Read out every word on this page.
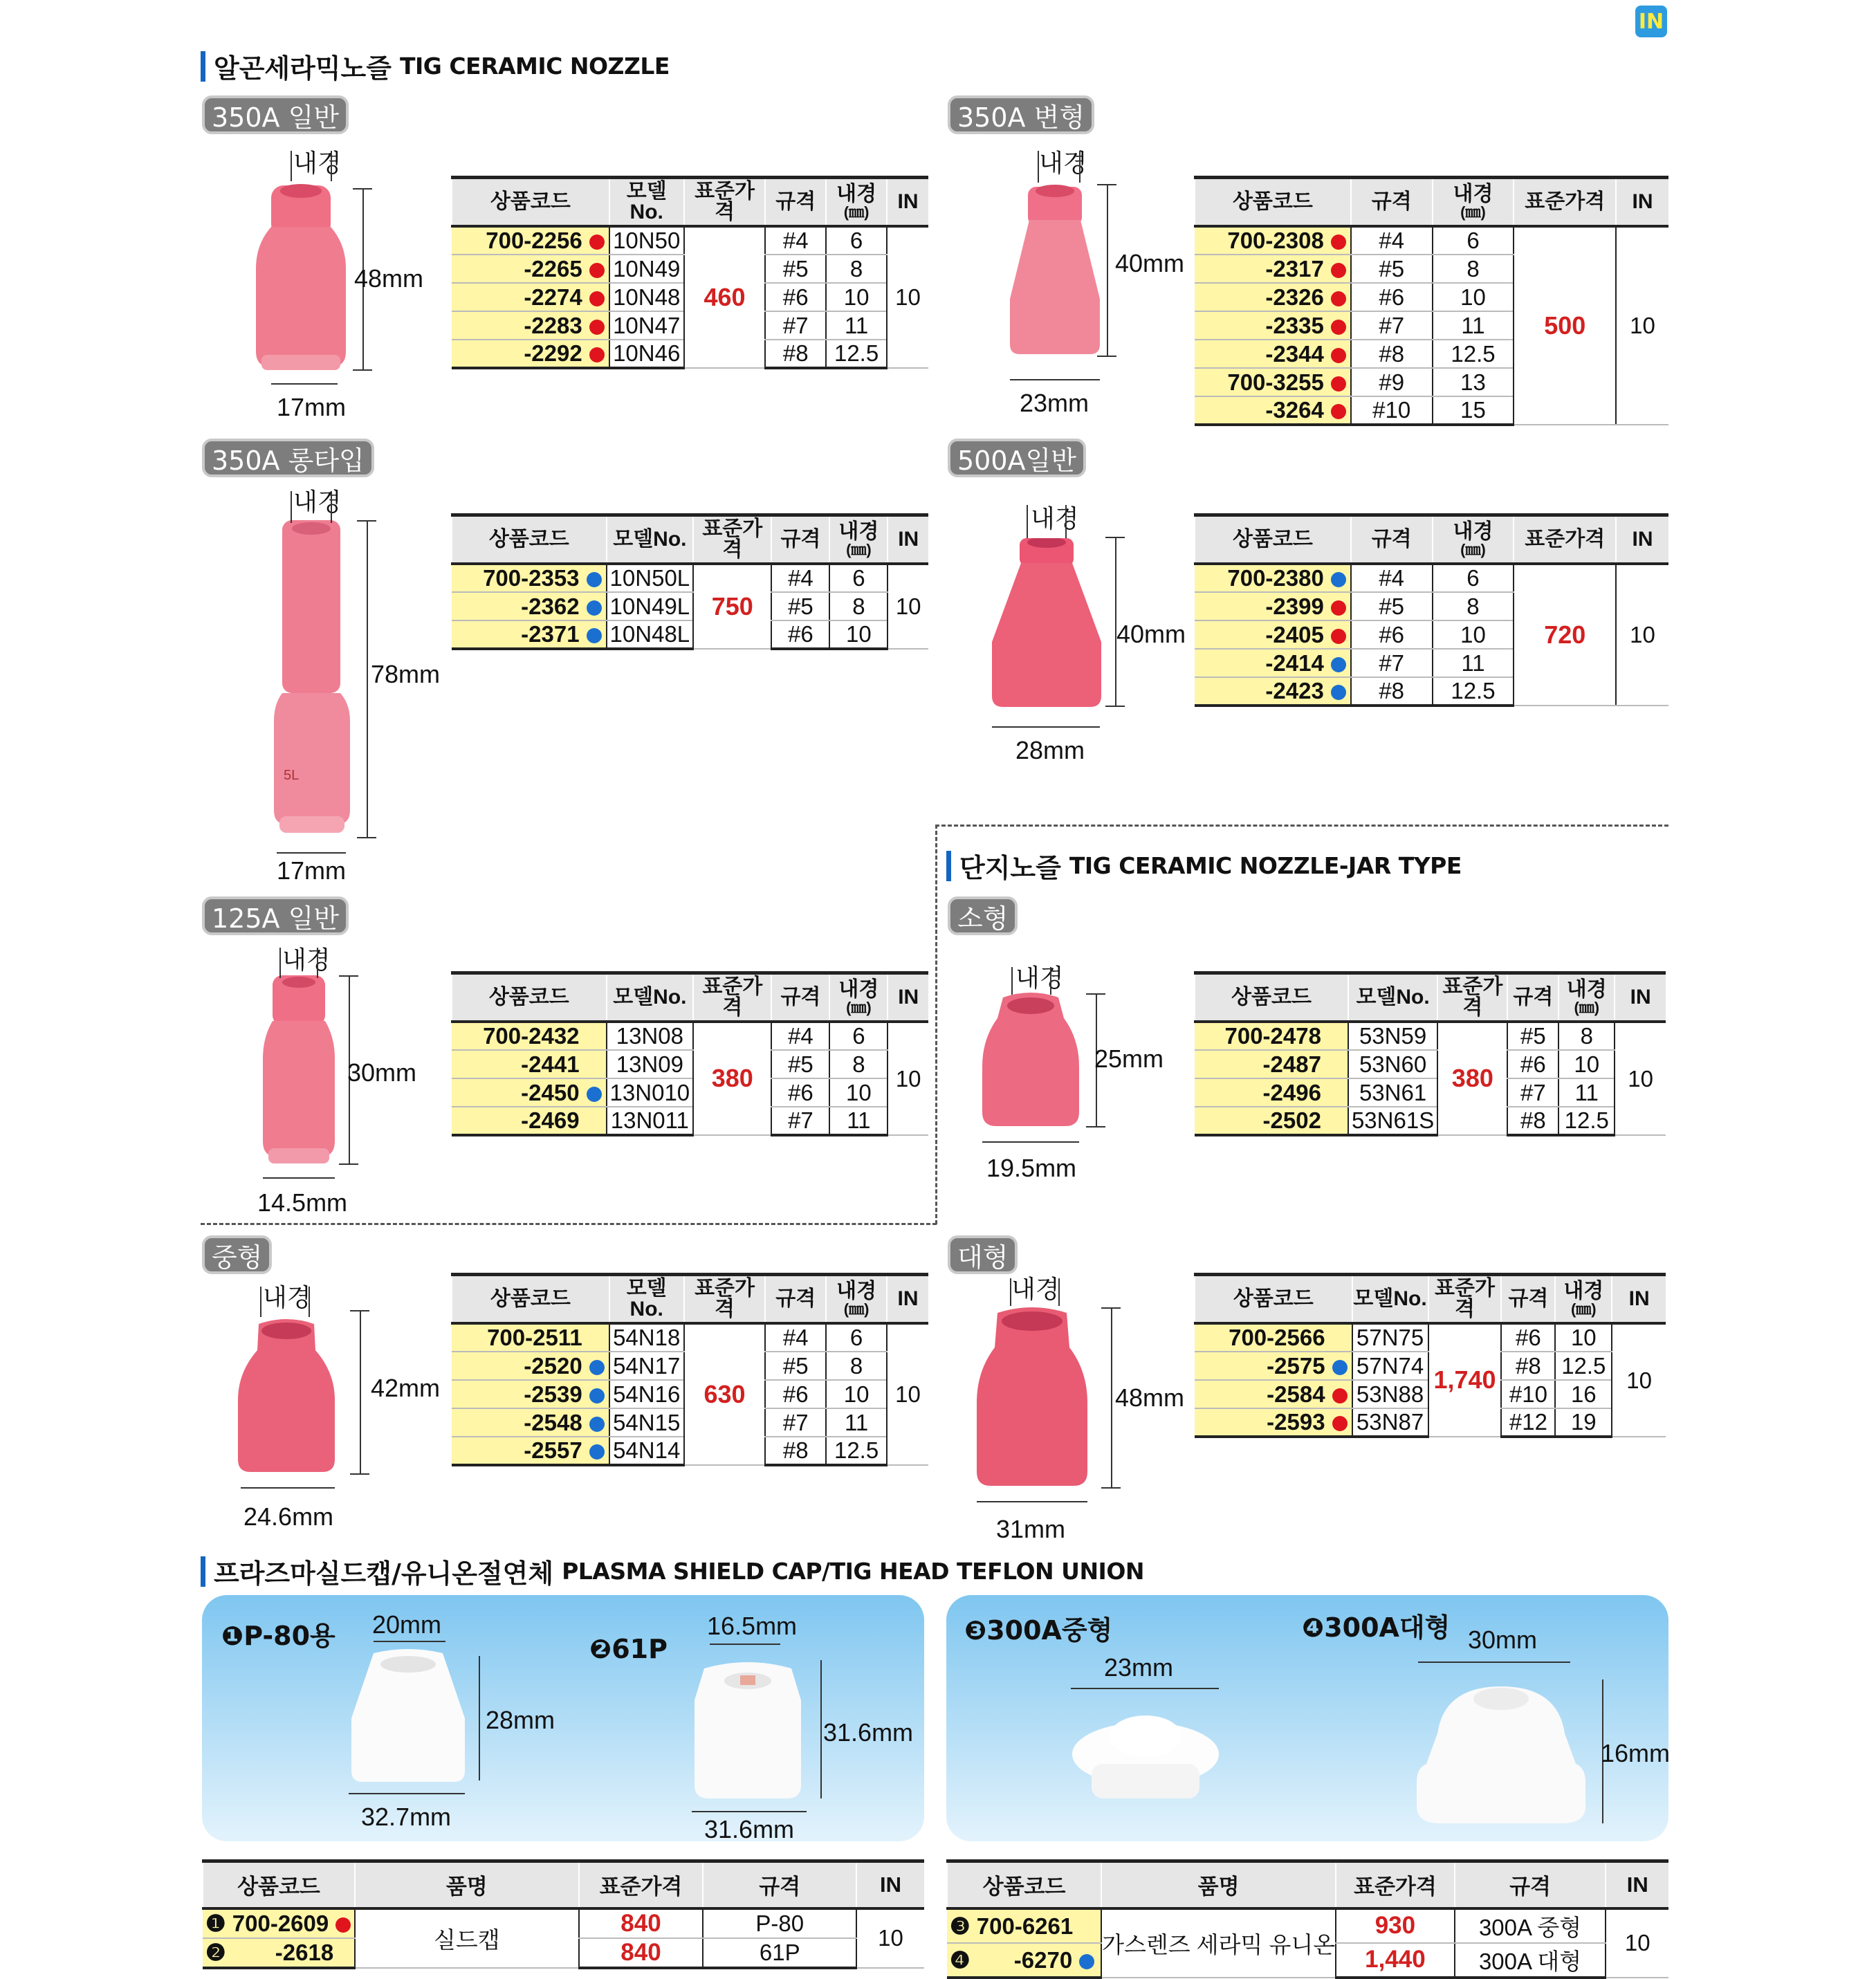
IN
알곤세라믹노즐 TIG CERAMIC NOZZLE
단지노즐 TIG CERAMIC NOZZLE-JAR TYPE
프라즈마실드캡/유니온절연체 PLASMA SHIELD CAP/TIG HEAD TEFLON UNION
350A 일반	350A 변형
350A 롱타입	500A일반
125A 일반	소형
중형	대형
5L
내경
48mm
17mm
내경
40mm
23mm
내경
78mm
17mm
내경
40mm
28mm
내경
30mm
14.5mm
내경
25mm
19.5mm
내경
42mm
24.6mm
내경
48mm
31mm
상품코드	모델No.	표준가격	규격	내경
(㎜)	IN
700-2256	10N50	460	#4	6	10
-2265	10N49		#5	8	
-2274	10N48		#6	10	
-2283	10N47		#7	11	
-2292	10N46		#8	12.5	
상품코드	규격	내경
(㎜)	표준가격	IN
700-2308	#4	6	500	10
-2317	#5	8		
-2326	#6	10		
-2335	#7	11		
-2344	#8	12.5		
700-3255	#9	13		
-3264	#10	15		
상품코드	모델No.	표준가격	규격	내경
(㎜)	IN
700-2353	10N50L	750	#4	6	10
-2362	10N49L		#5	8	
-2371	10N48L		#6	10	
상품코드	규격	내경
(㎜)	표준가격	IN
700-2380	#4	6	720	10
-2399	#5	8		
-2405	#6	10		
-2414	#7	11		
-2423	#8	12.5		
상품코드	모델No.	표준가격	규격	내경
(㎜)	IN
700-2432	13N08	380	#4	6	10
-2441	13N09		#5	8	
-2450	13N010		#6	10	
-2469	13N011		#7	11	
상품코드	모델No.	표준가격	규격	내경
(㎜)	IN
700-2478	53N59	380	#5	8	10
-2487	53N60		#6	10	
-2496	53N61		#7	11	
-2502	53N61S		#8	12.5	
상품코드	모델No.	표준가격	규격	내경
(㎜)	IN
700-2511	54N18	630	#4	6	10
-2520	54N17		#5	8	
-2539	54N16		#6	10	
-2548	54N15		#7	11	
-2557	54N14		#8	12.5	
상품코드	모델No.	표준가격	규격	내경
(㎜)	IN
700-2566	57N75	1,740	#6	10	10
-2575	57N74		#8	12.5	
-2584	53N88		#10	16	
-2593	53N87		#12	19	
❶P-80용	❷61P
❸300A중형	❹300A대형
20mm
28mm
32.7mm
16.5mm
31.6mm
31.6mm
23mm
30mm
16mm
상품코드	품명	표준가격	규격	IN
❶ 700-2609	실드캡	840	P-80	10
❷ -2618		840	61P	
상품코드	품명	표준가격	규격	IN
❸ 700-6261	가스렌즈 세라믹 유니온	930	300A 중형	10
❹ -6270		1,440	300A 대형	
